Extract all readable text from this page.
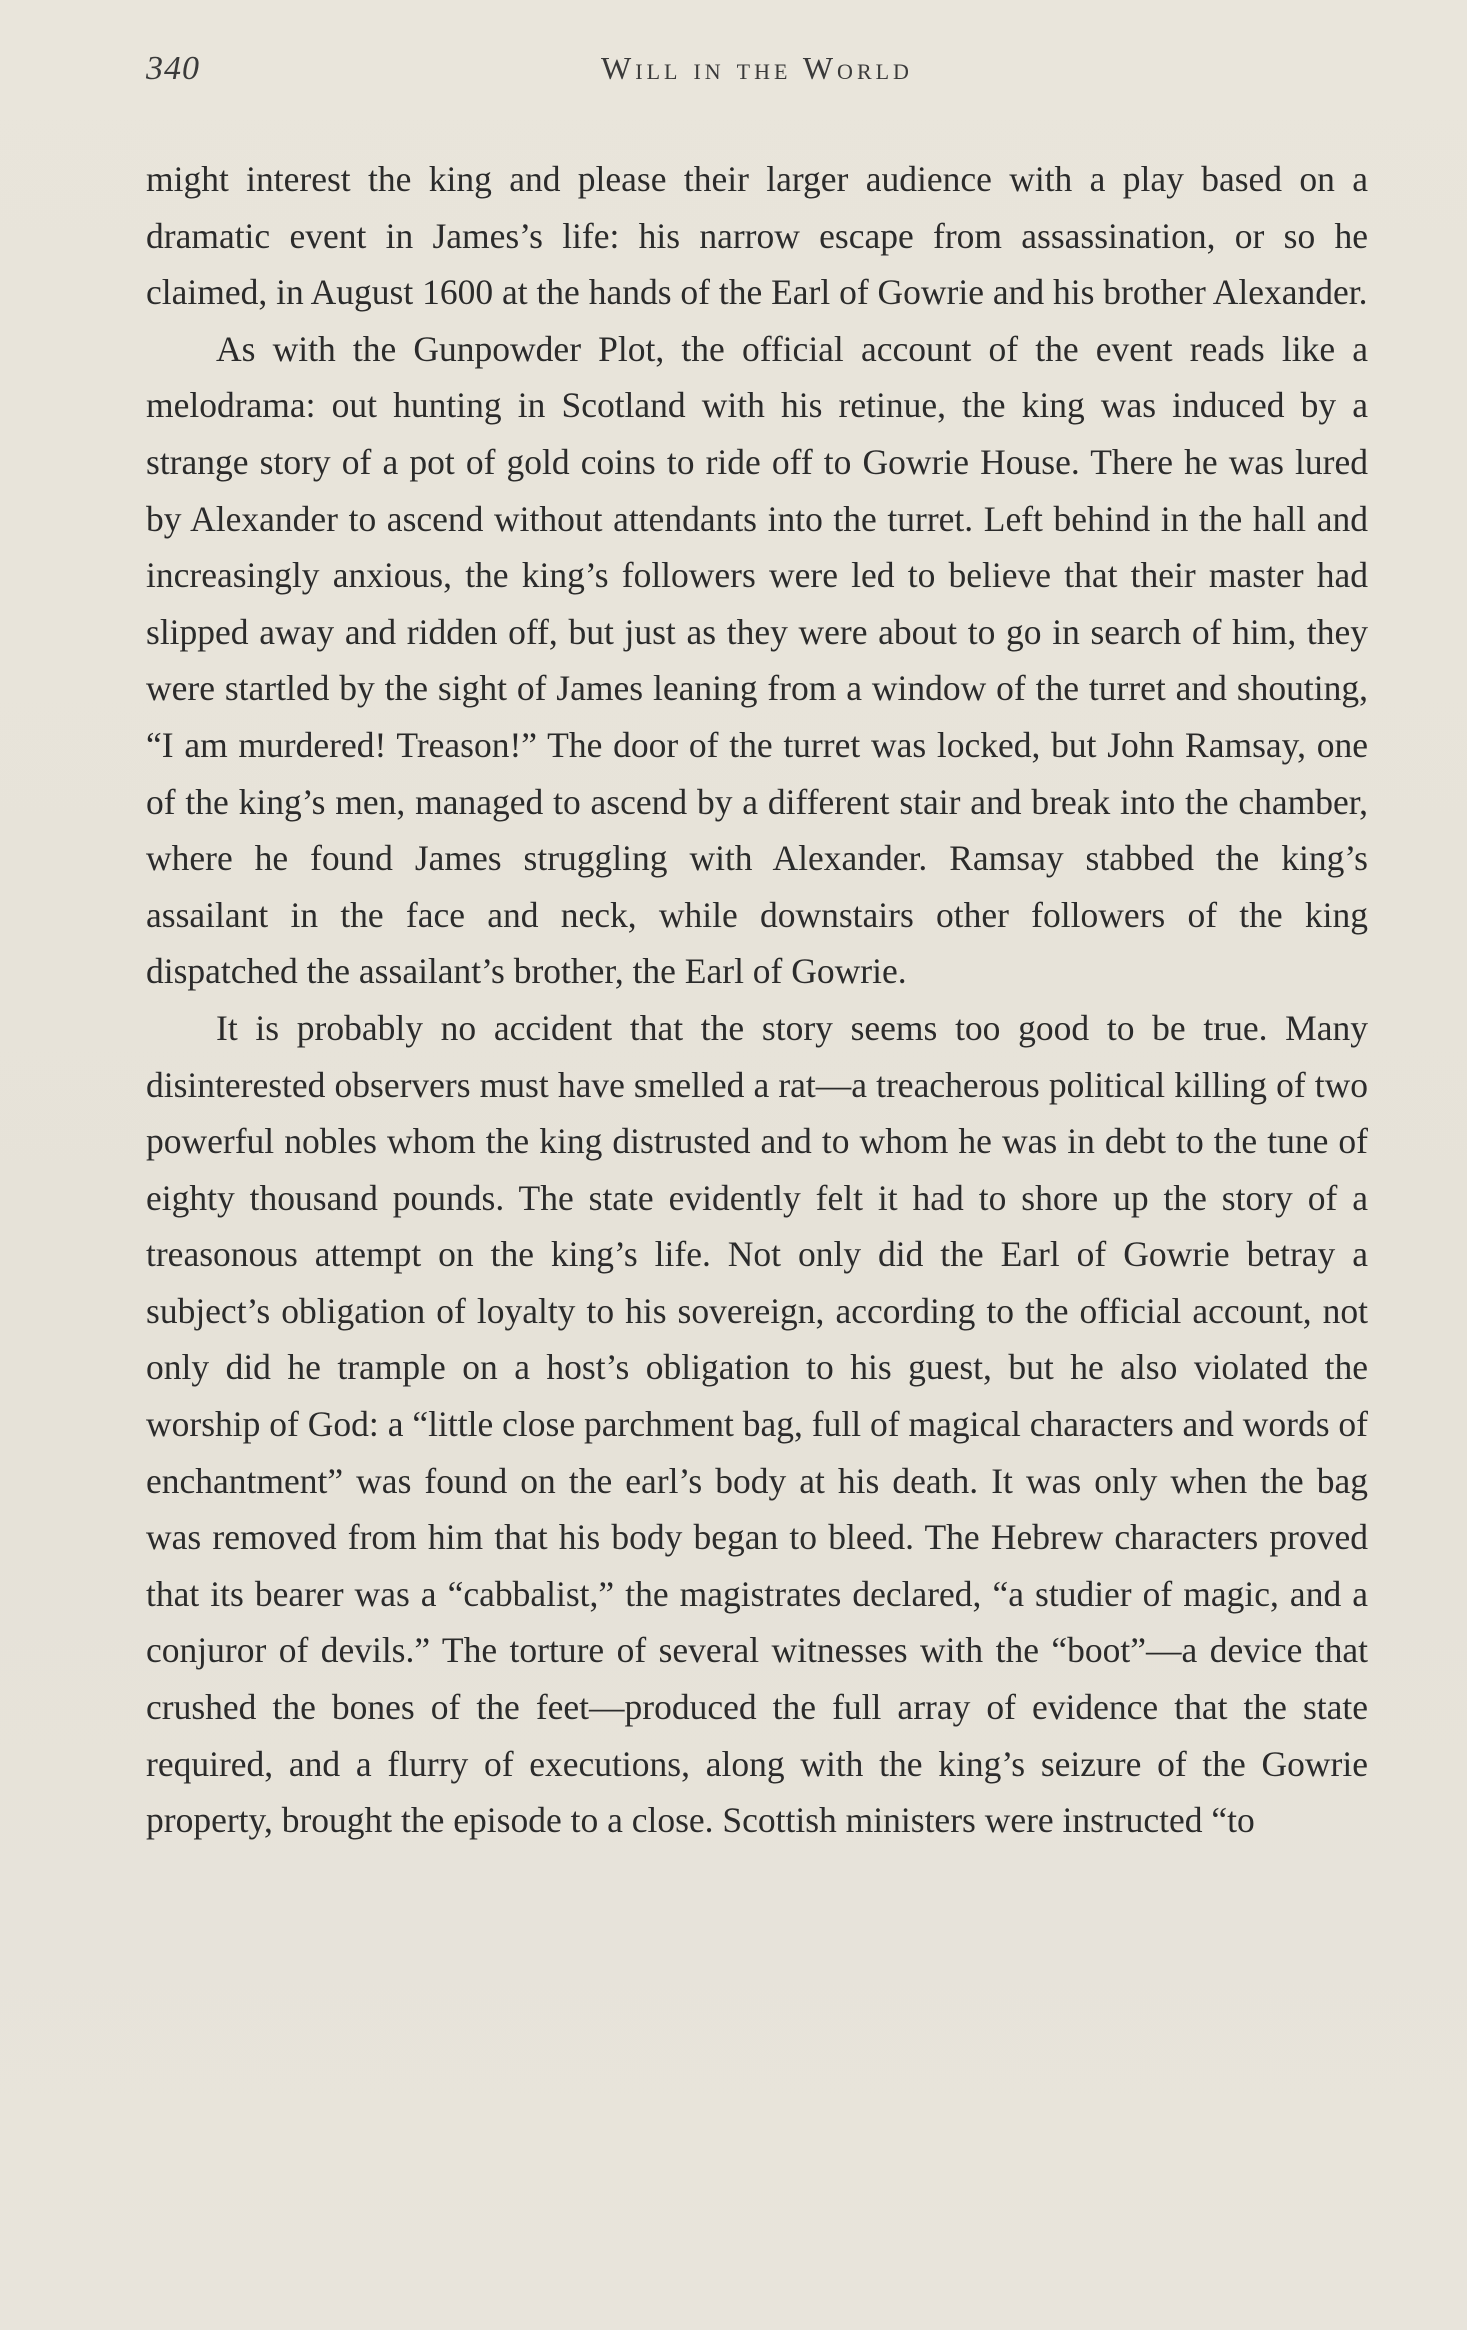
340	Will in the World

might interest the king and please their larger audience with a play based on a dramatic event in James’s life: his narrow escape from assassination, or so he claimed, in August 1600 at the hands of the Earl of Gowrie and his brother Alexander.

As with the Gunpowder Plot, the official account of the event reads like a melodrama: out hunting in Scotland with his retinue, the king was induced by a strange story of a pot of gold coins to ride off to Gowrie House. There he was lured by Alexander to ascend without attendants into the turret. Left behind in the hall and increasingly anxious, the king’s followers were led to believe that their master had slipped away and ridden off, but just as they were about to go in search of him, they were startled by the sight of James leaning from a window of the turret and shouting, “I am murdered! Treason!” The door of the turret was locked, but John Ramsay, one of the king’s men, managed to ascend by a different stair and break into the chamber, where he found James struggling with Alexander. Ramsay stabbed the king’s assailant in the face and neck, while downstairs other followers of the king dispatched the assailant’s brother, the Earl of Gowrie.

It is probably no accident that the story seems too good to be true. Many disinterested observers must have smelled a rat—a treacherous political killing of two powerful nobles whom the king distrusted and to whom he was in debt to the tune of eighty thousand pounds. The state evidently felt it had to shore up the story of a treasonous attempt on the king’s life. Not only did the Earl of Gowrie betray a subject’s obligation of loyalty to his sovereign, according to the official account, not only did he trample on a host’s obligation to his guest, but he also violated the worship of God: a “little close parchment bag, full of magical characters and words of enchantment” was found on the earl’s body at his death. It was only when the bag was removed from him that his body began to bleed. The Hebrew characters proved that its bearer was a “cabbalist,” the magistrates declared, “a studier of magic, and a conjuror of devils.” The torture of several witnesses with the “boot”—a device that crushed the bones of the feet—produced the full array of evidence that the state required, and a flurry of executions, along with the king’s seizure of the Gowrie property, brought the episode to a close. Scottish ministers were instructed “to
